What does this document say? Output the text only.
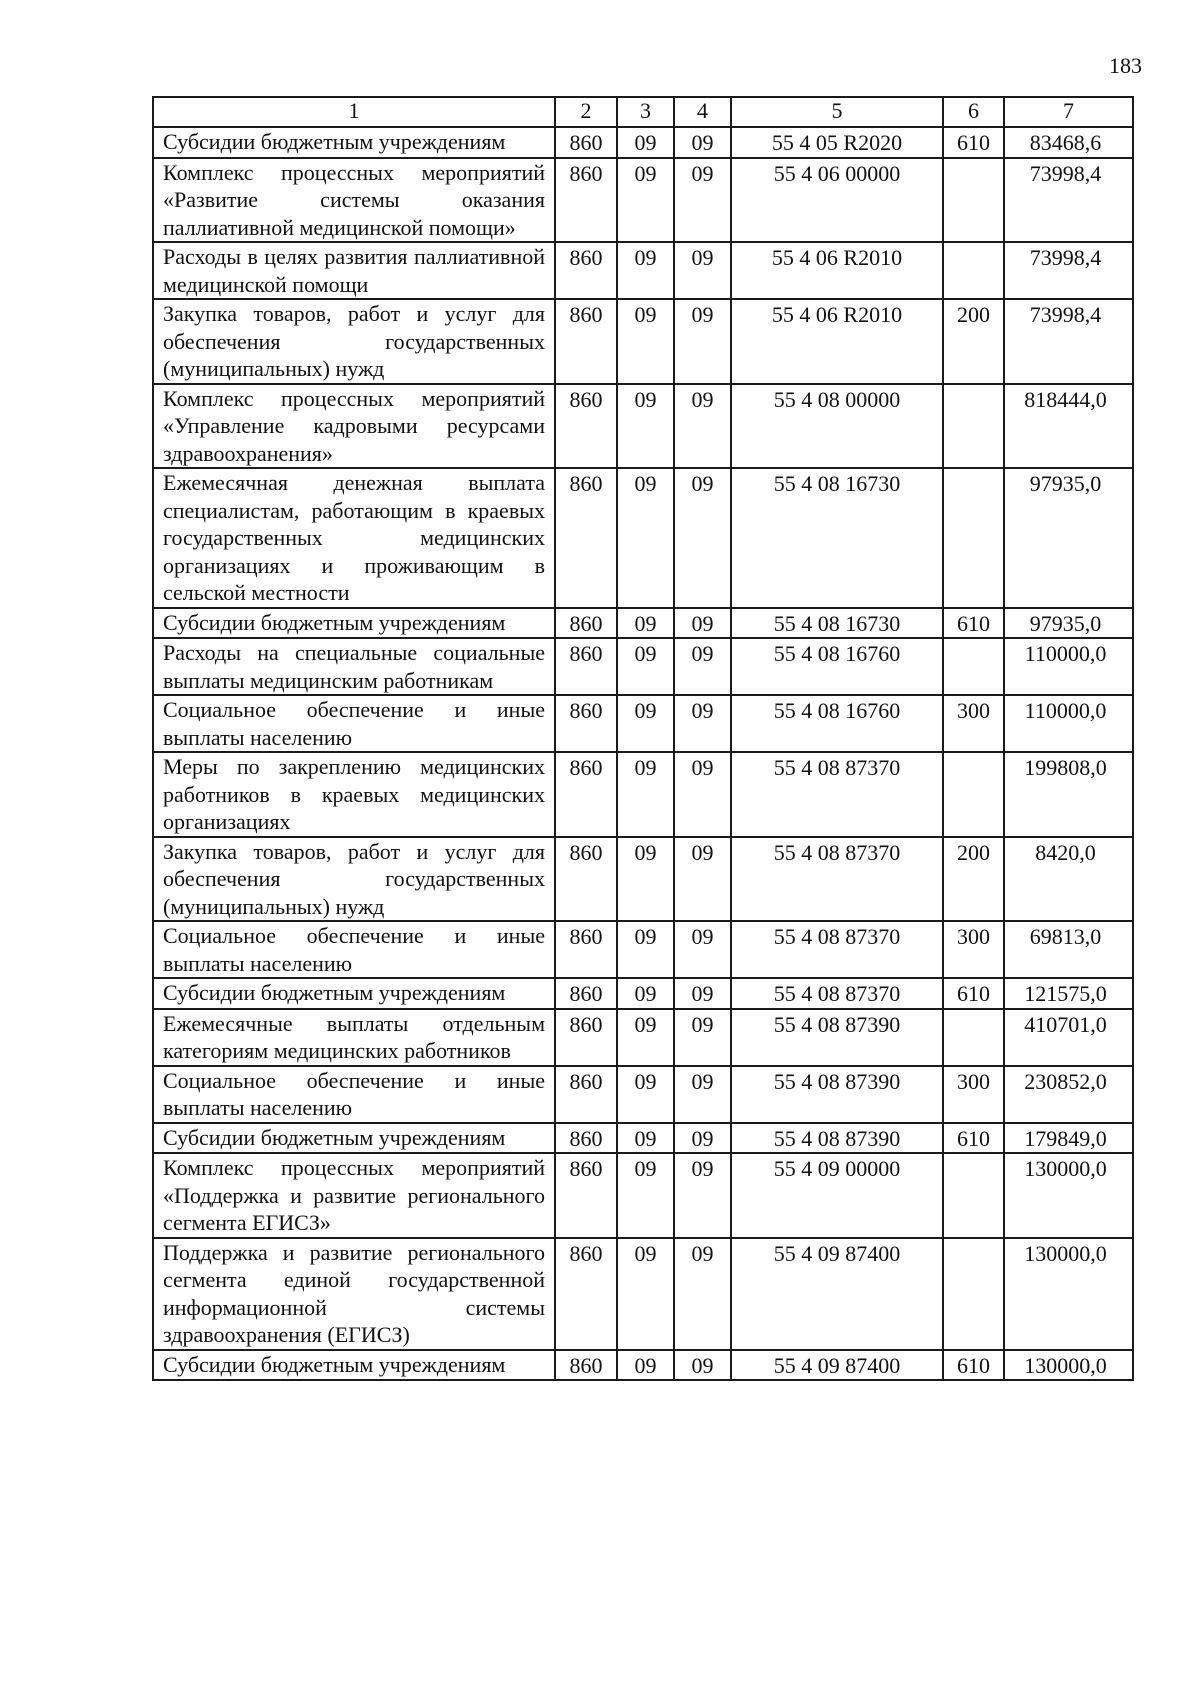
183
1	2	3	4	5	6	7
Субсидии бюджетным учреждениям	860	09	09	55 4 05 R2020	610	83468,6
Комплекс процессных мероприятий «Развитие системы оказания паллиативной медицинской помощи»	860	09	09	55 4 06 00000		73998,4
Расходы в целях развития паллиативной медицинской помощи	860	09	09	55 4 06 R2010		73998,4
Закупка товаров, работ и услуг для обеспечения государственных (муниципальных) нужд	860	09	09	55 4 06 R2010	200	73998,4
Комплекс процессных мероприятий «Управление кадровыми ресурсами здравоохранения»	860	09	09	55 4 08 00000		818444,0
Ежемесячная денежная выплата специалистам, работающим в краевых государственных медицинских организациях и проживающим в сельской местности	860	09	09	55 4 08 16730		97935,0
Субсидии бюджетным учреждениям	860	09	09	55 4 08 16730	610	97935,0
Расходы на специальные социальные выплаты медицинским работникам	860	09	09	55 4 08 16760		110000,0
Социальное обеспечение и иные выплаты населению	860	09	09	55 4 08 16760	300	110000,0
Меры по закреплению медицинских работников в краевых медицинских организациях	860	09	09	55 4 08 87370		199808,0
Закупка товаров, работ и услуг для обеспечения государственных (муниципальных) нужд	860	09	09	55 4 08 87370	200	8420,0
Социальное обеспечение и иные выплаты населению	860	09	09	55 4 08 87370	300	69813,0
Субсидии бюджетным учреждениям	860	09	09	55 4 08 87370	610	121575,0
Ежемесячные выплаты отдельным категориям медицинских работников	860	09	09	55 4 08 87390		410701,0
Социальное обеспечение и иные выплаты населению	860	09	09	55 4 08 87390	300	230852,0
Субсидии бюджетным учреждениям	860	09	09	55 4 08 87390	610	179849,0
Комплекс процессных мероприятий «Поддержка и развитие регионального сегмента ЕГИСЗ»	860	09	09	55 4 09 00000		130000,0
Поддержка и развитие регионального сегмента единой государственной информационной системы здравоохранения (ЕГИСЗ)	860	09	09	55 4 09 87400		130000,0
Субсидии бюджетным учреждениям	860	09	09	55 4 09 87400	610	130000,0
